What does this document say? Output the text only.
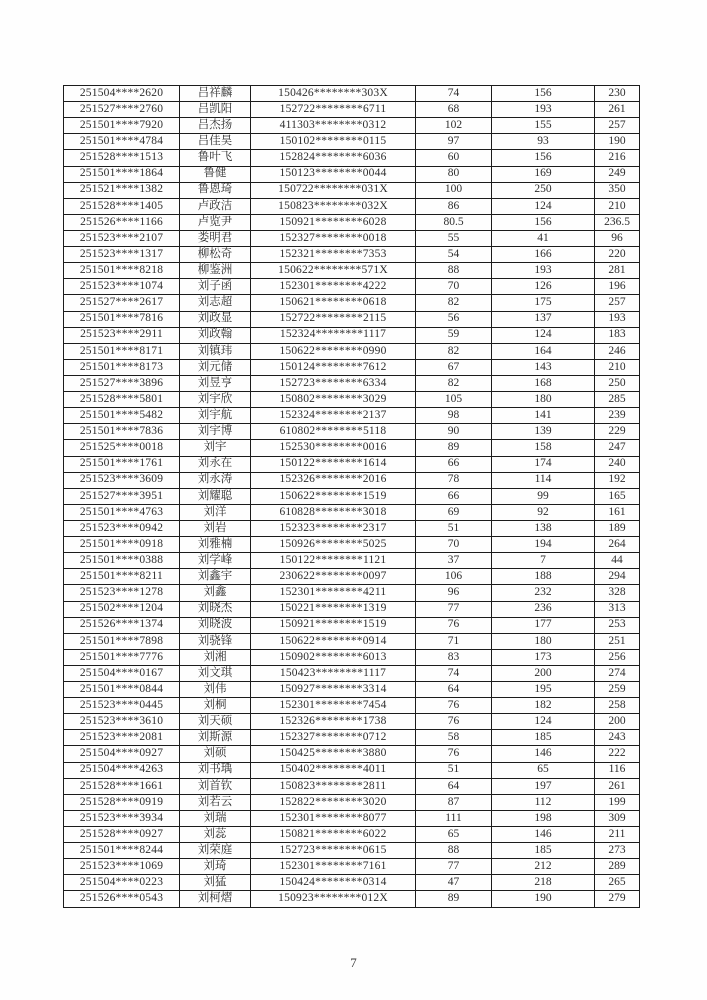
251504****2620	吕祥麟	150426********303X	74	156	230
251527****2760	吕凯阳	152722********6711	68	193	261
251501****7920	吕杰扬	411303********0312	102	155	257
251501****4784	吕佳昊	150102********0115	97	93	190
251528****1513	鲁叶飞	152824********6036	60	156	216
251501****1864	鲁健	150123********0044	80	169	249
251521****1382	鲁恩琦	150722********031X	100	250	350
251528****1405	卢政洁	150823********032X	86	124	210
251526****1166	卢览尹	150921********6028	80.5	156	236.5
251523****2107	娄明君	152327********0018	55	41	96
251523****1317	柳松奇	152321********7353	54	166	220
251501****8218	柳鉴洲	150622********571X	88	193	281
251523****1074	刘子函	152301********4222	70	126	196
251527****2617	刘志超	150621********0618	82	175	257
251501****7816	刘政显	152722********2115	56	137	193
251523****2911	刘政翰	152324********1117	59	124	183
251501****8171	刘镇玮	150622********0990	82	164	246
251501****8173	刘元储	150124********7612	67	143	210
251527****3896	刘昱亨	152723********6334	82	168	250
251528****5801	刘宇欣	150802********3029	105	180	285
251501****5482	刘宇航	152324********2137	98	141	239
251501****7836	刘宇博	610802********5118	90	139	229
251525****0018	刘宇	152530********0016	89	158	247
251501****1761	刘永在	150122********1614	66	174	240
251523****3609	刘永涛	152326********2016	78	114	192
251527****3951	刘耀聪	150622********1519	66	99	165
251501****4763	刘洋	610828********3018	69	92	161
251523****0942	刘岩	152323********2317	51	138	189
251501****0918	刘雅楠	150926********5025	70	194	264
251501****0388	刘学峰	150122********1121	37	7	44
251501****8211	刘鑫宇	230622********0097	106	188	294
251523****1278	刘鑫	152301********4211	96	232	328
251502****1204	刘晓杰	150221********1319	77	236	313
251526****1374	刘晓波	150921********1519	76	177	253
251501****7898	刘骁锋	150622********0914	71	180	251
251501****7776	刘湘	150902********6013	83	173	256
251504****0167	刘文琪	150423********1117	74	200	274
251501****0844	刘伟	150927********3314	64	195	259
251523****0445	刘桐	152301********7454	76	182	258
251523****3610	刘天硕	152326********1738	76	124	200
251523****2081	刘斯源	152327********0712	58	185	243
251504****0927	刘硕	150425********3880	76	146	222
251504****4263	刘书瑀	150402********4011	51	65	116
251528****1661	刘首钦	150823********2811	64	197	261
251528****0919	刘若云	152822********3020	87	112	199
251523****3934	刘瑞	152301********8077	111	198	309
251528****0927	刘蕊	150821********6022	65	146	211
251501****8244	刘荣庭	152723********0615	88	185	273
251523****1069	刘琦	152301********7161	77	212	289
251504****0223	刘猛	150424********0314	47	218	265
251526****0543	刘柯熠	150923********012X	89	190	279
7
